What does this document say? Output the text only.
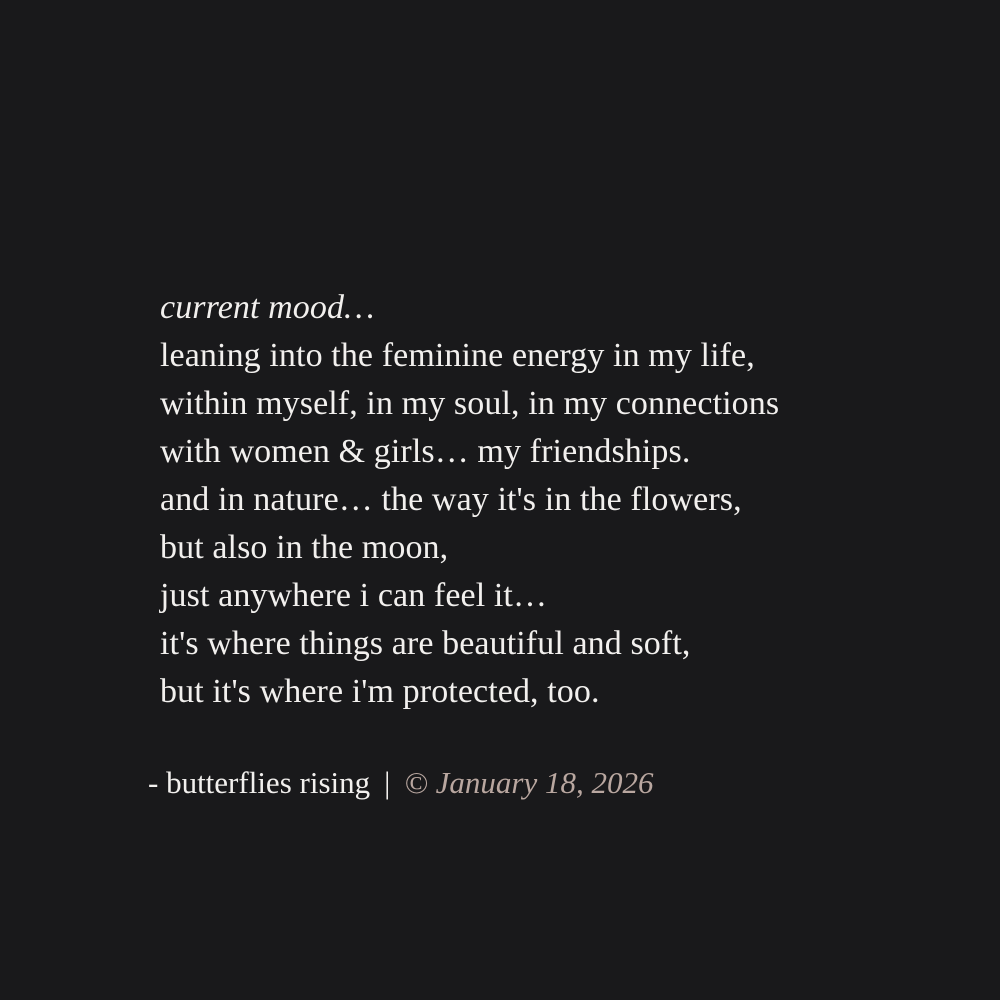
current mood…
leaning into the feminine energy in my life,
within myself, in my soul, in my connections
with women & girls… my friendships.
and in nature… the way it's in the flowers,
but also in the moon,
just anywhere i can feel it…
it's where things are beautiful and soft,
but it's where i'm protected, too.
- butterflies rising | © January 18, 2026
